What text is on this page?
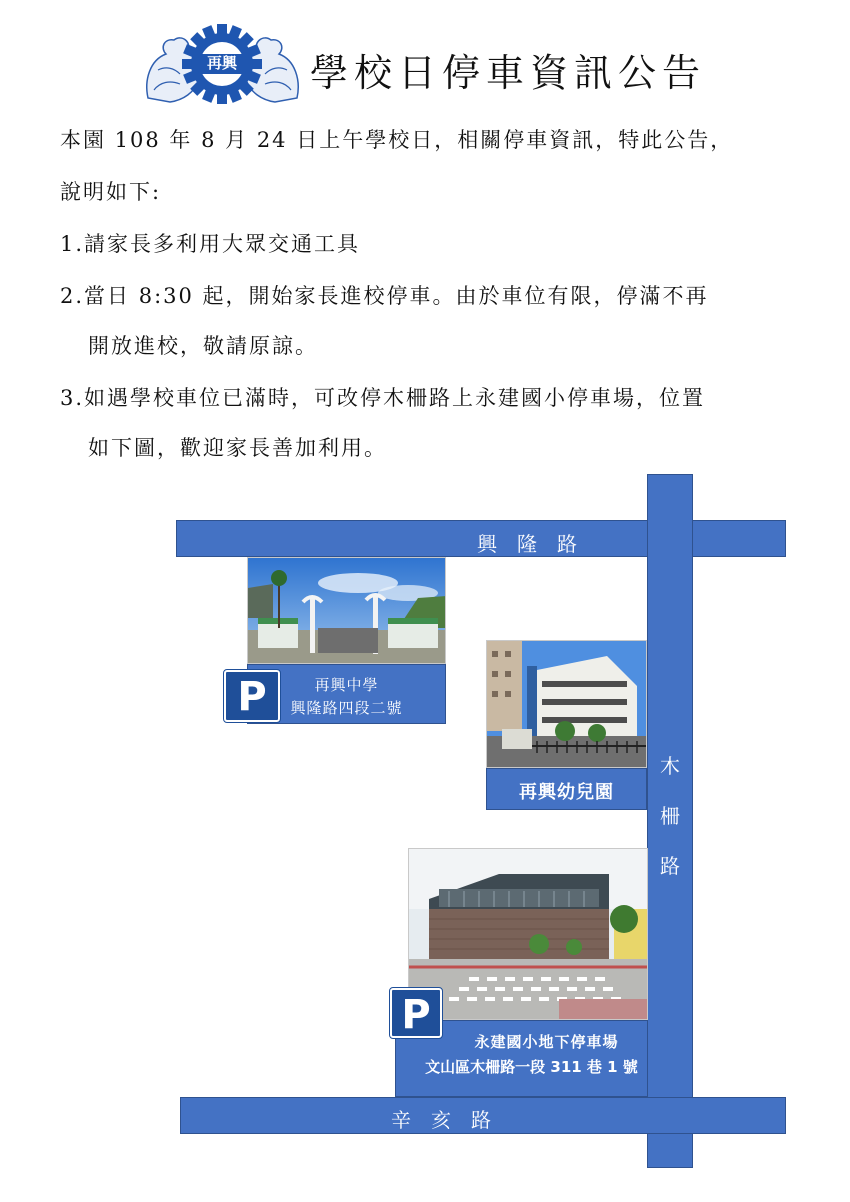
再興 學校日停車資訊公告
本園 108 年 8 月 24 日上午學校日，相關停車資訊，特此公告，
說明如下:
1.請家長多利用大眾交通工具
2.當日 8:30 起，開始家長進校停車。由於車位有限，停滿不再
開放進校，敬請原諒。
3.如遇學校車位已滿時，可改停木柵路上永建國小停車場，位置
如下圖，歡迎家長善加利用。
興　隆　路
木
柵
路
辛　亥　路
再興中學
興隆路四段二號
P
再興幼兒園
永建國小地下停車場
文山區木柵路一段 311 巷 1 號
P
